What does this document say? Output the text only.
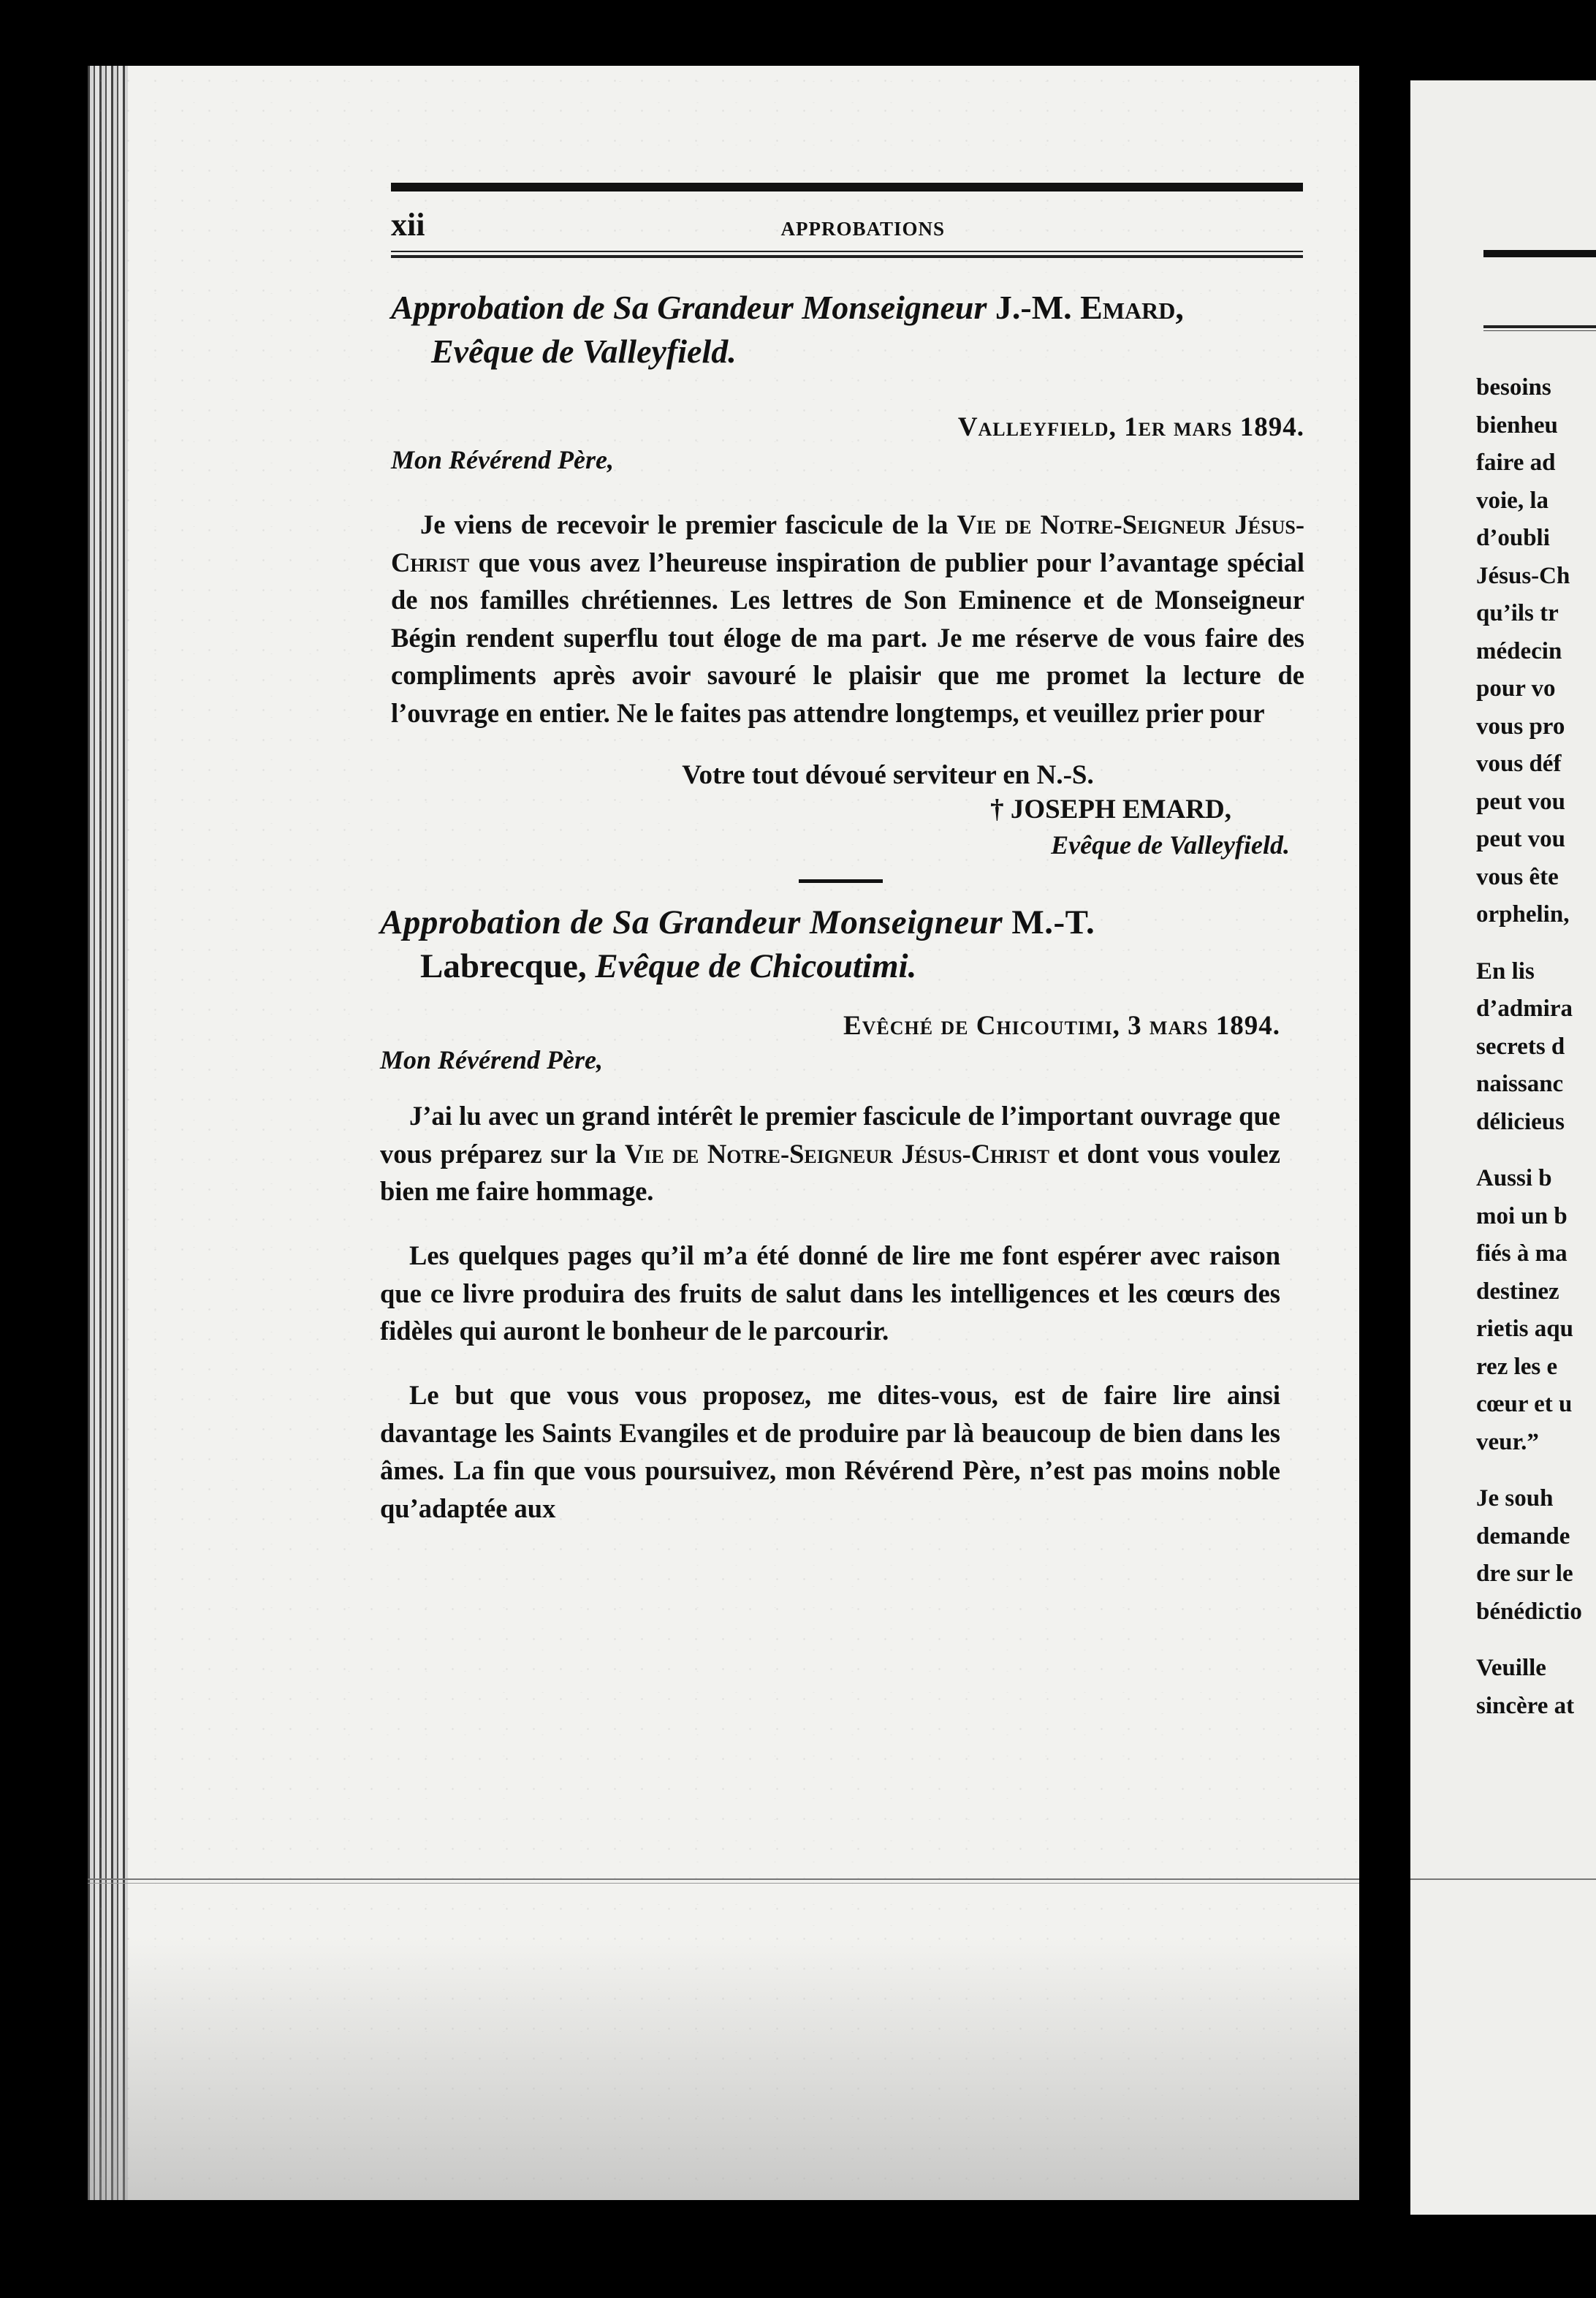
xii	APPROBATIONS
Approbation de Sa Grandeur Monseigneur J.-M. Emard,
Evêque de Valleyfield.
Valleyfield, 1er mars 1894.
Mon Révérend Père,

Je viens de recevoir le premier fascicule de la Vie de Notre-Seigneur Jésus-Christ que vous avez l’heureuse inspiration de publier pour l’avantage spécial de nos familles chrétiennes. Les lettres de Son Eminence et de Monseigneur Bégin rendent superflu tout éloge de ma part. Je me réserve de vous faire des compliments après avoir savouré le plaisir que me promet la lecture de l’ouvrage en entier. Ne le faites pas attendre longtemps, et veuillez prier pour

Votre tout dévoué serviteur en N.-S.
† JOSEPH EMARD,
Evêque de Valleyfield.
Approbation de Sa Grandeur Monseigneur M.-T.
Labrecque, Evêque de Chicoutimi.
Evêché de Chicoutimi, 3 mars 1894.
Mon Révérend Père,

J’ai lu avec un grand intérêt le premier fascicule de l’important ouvrage que vous préparez sur la Vie de Notre-Seigneur Jésus-Christ et dont vous voulez bien me faire hommage.

Les quelques pages qu’il m’a été donné de lire me font espérer avec raison que ce livre produira des fruits de salut dans les intelligences et les cœurs des fidèles qui auront le bonheur de le parcourir.

Le but que vous vous proposez, me dites-vous, est de faire lire ainsi davantage les Saints Evangiles et de produire par là beaucoup de bien dans les âmes. La fin que vous poursuivez, mon Révérend Père, n’est pas moins noble qu’adaptée aux

besoins
bienheu
faire ad
voie, la
d’oubli
Jésus-Ch
qu’ils tr
médecin
pour vo
vous pro
vous déf
peut vou
peut vou
vous ête
orphelin,
En lis
d’admira
secrets d
naissanc
délicieus
Aussi b
moi un b
fiés à ma
destinez
rietis aqu
rez les e
cœur et u
veur.”
Je souh
demande
dre sur le
bénédictio
Veuille
sincère at
